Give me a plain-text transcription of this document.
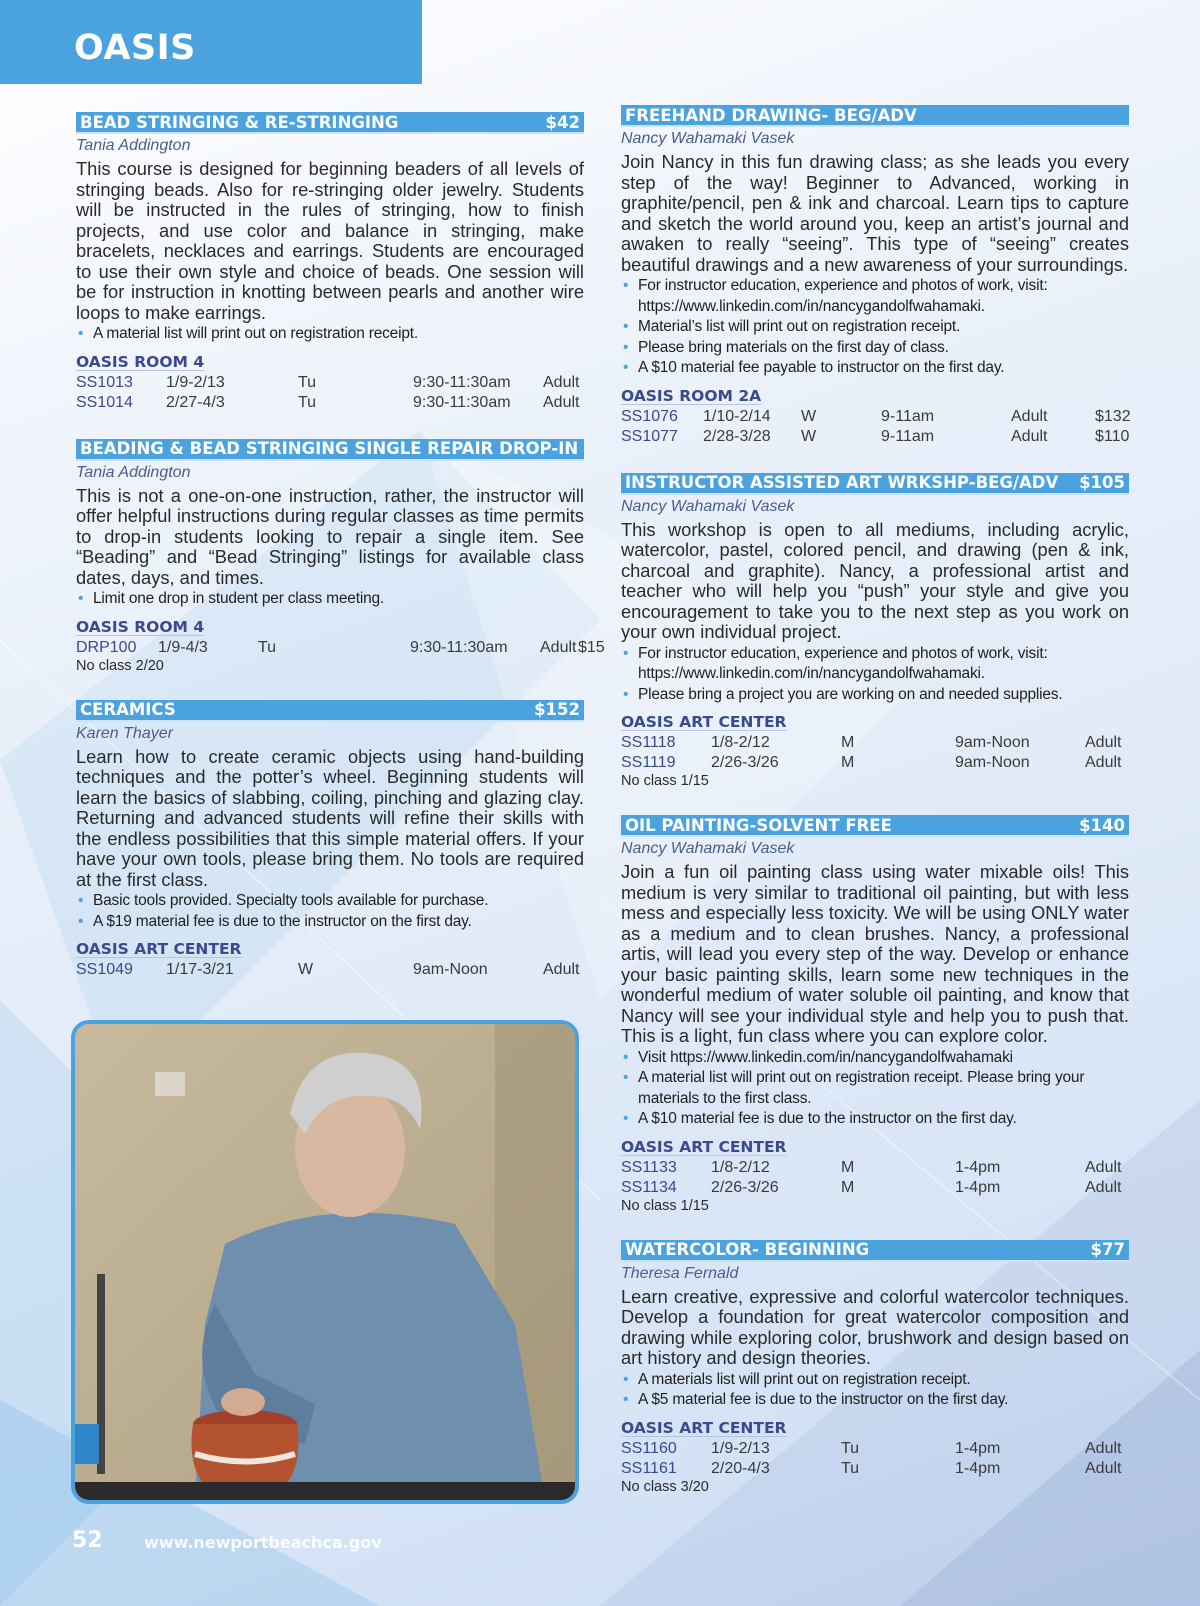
OASIS
BEAD STRINGING & RE-STRINGING	$42
Tania Addington
This course is designed for beginning beaders of all levels of stringing beads. Also for re-stringing older jewelry. Students will be instructed in the rules of stringing, how to finish projects, and use color and balance in stringing, make bracelets, necklaces and earrings. Students are encouraged to use their own style and choice of beads. One session will be for instruction in knotting between pearls and another wire loops to make earrings.
• A material list will print out on registration receipt.
OASIS ROOM 4
SS1013	1/9-2/13	Tu	9:30-11:30am	Adult
SS1014	2/27-4/3	Tu	9:30-11:30am	Adult
BEADING & BEAD STRINGING SINGLE REPAIR DROP-IN
Tania Addington
This is not a one-on-one instruction, rather, the instructor will offer helpful instructions during regular classes as time permits to drop-in students looking to repair a single item. See “Beading” and “Bead Stringing” listings for available class dates, days, and times.
• Limit one drop in student per class meeting.
OASIS ROOM 4
DRP100	1/9-4/3	Tu	9:30-11:30am	Adult $15
No class 2/20
CERAMICS	$152
Karen Thayer
Learn how to create ceramic objects using hand-building techniques and the potter’s wheel. Beginning students will learn the basics of slabbing, coiling, pinching and glazing clay. Returning and advanced students will refine their skills with the endless possibilities that this simple material offers. If your have your own tools, please bring them. No tools are required at the first class.
• Basic tools provided. Specialty tools available for purchase.
• A $19 material fee is due to the instructor on the first day.
OASIS ART CENTER
SS1049	1/17-3/21	W	9am-Noon	Adult
FREEHAND DRAWING- BEG/ADV
Nancy Wahamaki Vasek
Join Nancy in this fun drawing class; as she leads you every step of the way! Beginner to Advanced, working in graphite/pencil, pen & ink and charcoal. Learn tips to capture and sketch the world around you, keep an artist’s journal and awaken to really “seeing”. This type of “seeing” creates beautiful drawings and a new awareness of your surroundings.
• For instructor education, experience and photos of work, visit: https://www.linkedin.com/in/nancygandolfwahamaki.
• Material’s list will print out on registration receipt.
• Please bring materials on the first day of class.
• A $10 material fee payable to instructor on the first day.
OASIS ROOM 2A
SS1076	1/10-2/14	W	9-11am	Adult	$132
SS1077	2/28-3/28	W	9-11am	Adult	$110
INSTRUCTOR ASSISTED ART WRKSHP-BEG/ADV $105
Nancy Wahamaki Vasek
This workshop is open to all mediums, including acrylic, watercolor, pastel, colored pencil, and drawing (pen & ink, charcoal and graphite). Nancy, a professional artist and teacher who will help you “push” your style and give you encouragement to take you to the next step as you work on your own individual project.
• For instructor education, experience and photos of work, visit: https://www.linkedin.com/in/nancygandolfwahamaki.
• Please bring a project you are working on and needed supplies.
OASIS ART CENTER
SS1118	1/8-2/12	M	9am-Noon	Adult
SS1119	2/26-3/26	M	9am-Noon	Adult
No class 1/15
OIL PAINTING-SOLVENT FREE	$140
Nancy Wahamaki Vasek
Join a fun oil painting class using water mixable oils! This medium is very similar to traditional oil painting, but with less mess and especially less toxicity. We will be using ONLY water as a medium and to clean brushes. Nancy, a professional artis, will lead you every step of the way. Develop or enhance your basic painting skills, learn some new techniques in the wonderful medium of water soluble oil painting, and know that Nancy will see your individual style and help you to push that. This is a light, fun class where you can explore color.
• Visit https://www.linkedin.com/in/nancygandolfwahamaki
• A material list will print out on registration receipt. Please bring your materials to the first class.
• A $10 material fee is due to the instructor on the first day.
OASIS ART CENTER
SS1133	1/8-2/12	M	1-4pm	Adult
SS1134	2/26-3/26	M	1-4pm	Adult
No class 1/15
WATERCOLOR- BEGINNING	$77
Theresa Fernald
Learn creative, expressive and colorful watercolor techniques. Develop a foundation for great watercolor composition and drawing while exploring color, brushwork and design based on art history and design theories.
• A materials list will print out on registration receipt.
• A $5 material fee is due to the instructor on the first day.
OASIS ART CENTER
SS1160	1/9-2/13	Tu	1-4pm	Adult
SS1161	2/20-4/3	Tu	1-4pm	Adult
No class 3/20
52	www.newportbeachca.gov
